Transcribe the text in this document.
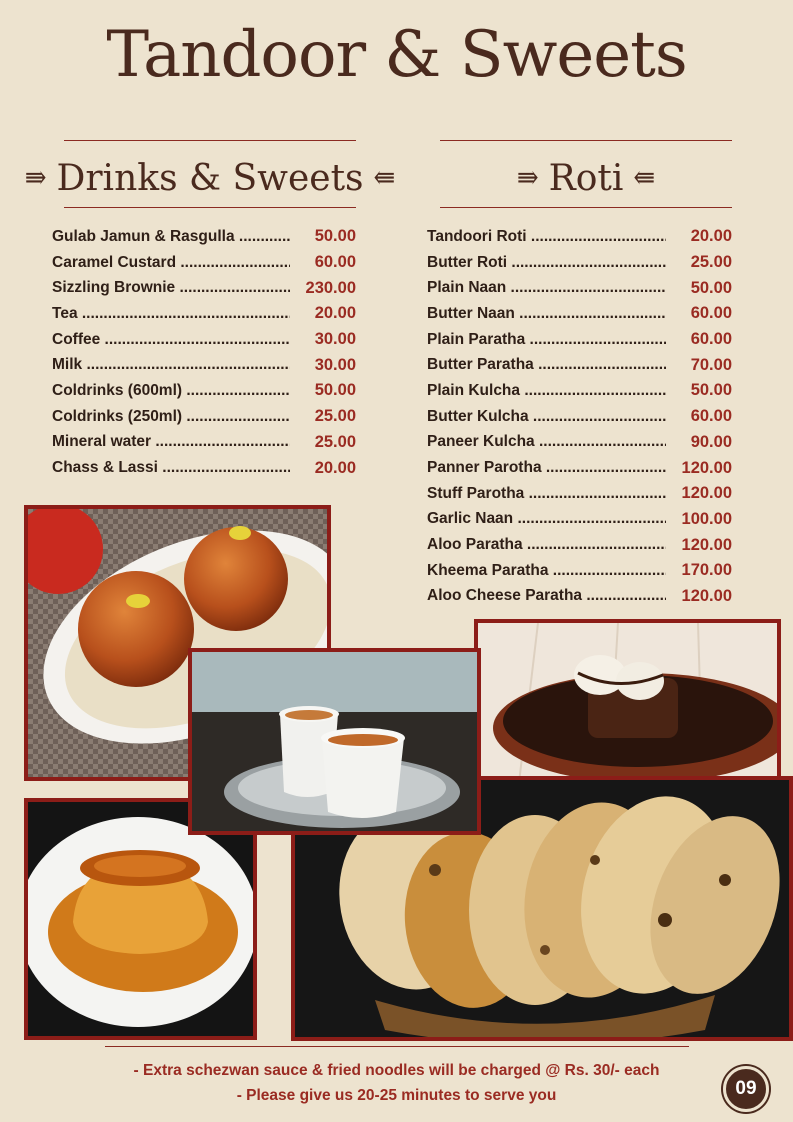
Tandoor & Sweets
⇛ Drinks & Sweets ⇚	⇛ Roti ⇚
Gulab Jamun & Rasgulla .....	50.00
Caramel Custard .....	60.00
Sizzling Brownie .....	230.00
Tea .....	20.00
Coffee .....	30.00
Milk .....	30.00
Coldrinks (600ml) .....	50.00
Coldrinks (250ml) .....	25.00
Mineral water .....	25.00
Chass & Lassi .....	20.00
Tandoori Roti .....	20.00
Butter Roti .....	25.00
Plain Naan .....	50.00
Butter Naan .....	60.00
Plain Paratha .....	60.00
Butter Paratha .....	70.00
Plain Kulcha .....	50.00
Butter Kulcha .....	60.00
Paneer Kulcha .....	90.00
Panner Parotha .....	120.00
Stuff Parotha .....	120.00
Garlic Naan .....	100.00
Aloo Paratha .....	120.00
Kheema Paratha .....	170.00
Aloo Cheese Paratha .....	120.00
- Extra schezwan sauce & fried noodles will be charged @ Rs. 30/- each
- Please give us 20-25 minutes to serve you	09
